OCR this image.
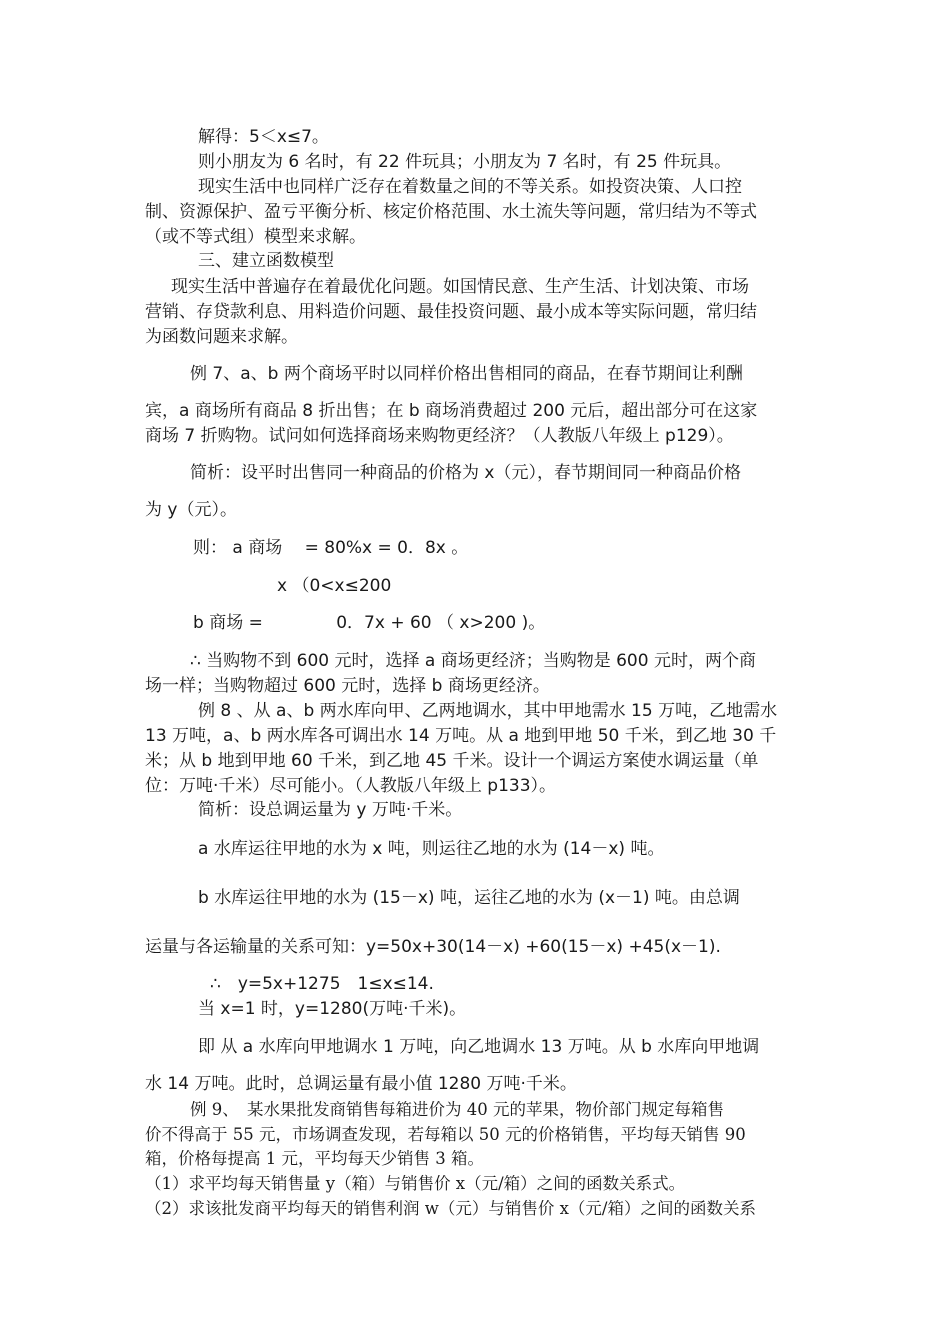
解得：5＜x≤7。
则小朋友为 6 名时，有 22 件玩具；小朋友为 7 名时，有 25 件玩具。
现实生活中也同样广泛存在着数量之间的不等关系。如投资决策、人口控
制、资源保护、盈亏平衡分析、核定价格范围、水土流失等问题，常归结为不等式
（或不等式组）模型来求解。
三、建立函数模型
现实生活中普遍存在着最优化问题。如国情民意、生产生活、计划决策、市场
营销、存贷款利息、用料造价问题、最佳投资问题、最小成本等实际问题，常归结
为函数问题来求解。
例 7、a、b 两个商场平时以同样价格出售相同的商品，在春节期间让利酬
宾，a 商场所有商品 8 折出售；在 b 商场消费超过 200 元后，超出部分可在这家
商场 7 折购物。试问如何选择商场来购物更经济？（人教版八年级上 p129）。
简析：设平时出售同一种商品的价格为 x（元），春节期间同一种商品价格
为 y（元）。
则： a 商场　 = 80%x = 0．8x 。
x （0<x≤200
b 商场 =　　　　 0．7x + 60 （ x>200 )。
∴ 当购物不到 600 元时，选择 a 商场更经济；当购物是 600 元时，两个商
场一样；当购物超过 600 元时，选择 b 商场更经济。
例 8 、从 a、b 两水库向甲、乙两地调水，其中甲地需水 15 万吨，乙地需水
13 万吨，a、b 两水库各可调出水 14 万吨。从 a 地到甲地 50 千米，到乙地 30 千
米；从 b 地到甲地 60 千米，到乙地 45 千米。设计一个调运方案使水调运量（单
位：万吨·千米）尽可能小。（人教版八年级上 p133）。
简析：设总调运量为 y 万吨·千米。
a 水库运往甲地的水为 x 吨，则运往乙地的水为 (14－x) 吨。
b 水库运往甲地的水为 (15－x) 吨，运往乙地的水为 (x－1) 吨。由总调
运量与各运输量的关系可知：y=50x+30(14－x) +60(15－x) +45(x－1).
∴　y=5x+1275　1≤x≤14.
当 x=1 时，y=1280(万吨·千米)。
即 从 a 水库向甲地调水 1 万吨，向乙地调水 13 万吨。从 b 水库向甲地调
水 14 万吨。此时，总调运量有最小值 1280 万吨·千米。
例 9、　某水果批发商销售每箱进价为 40 元的苹果，物价部门规定每箱售
价不得高于 55 元，市场调查发现，若每箱以 50 元的价格销售，平均每天销售 90
箱，价格每提高 1 元，平均每天少销售 3 箱。
（1）求平均每天销售量 y（箱）与销售价 x（元/箱）之间的函数关系式。
（2）求该批发商平均每天的销售利润 w（元）与销售价 x（元/箱）之间的函数关系
